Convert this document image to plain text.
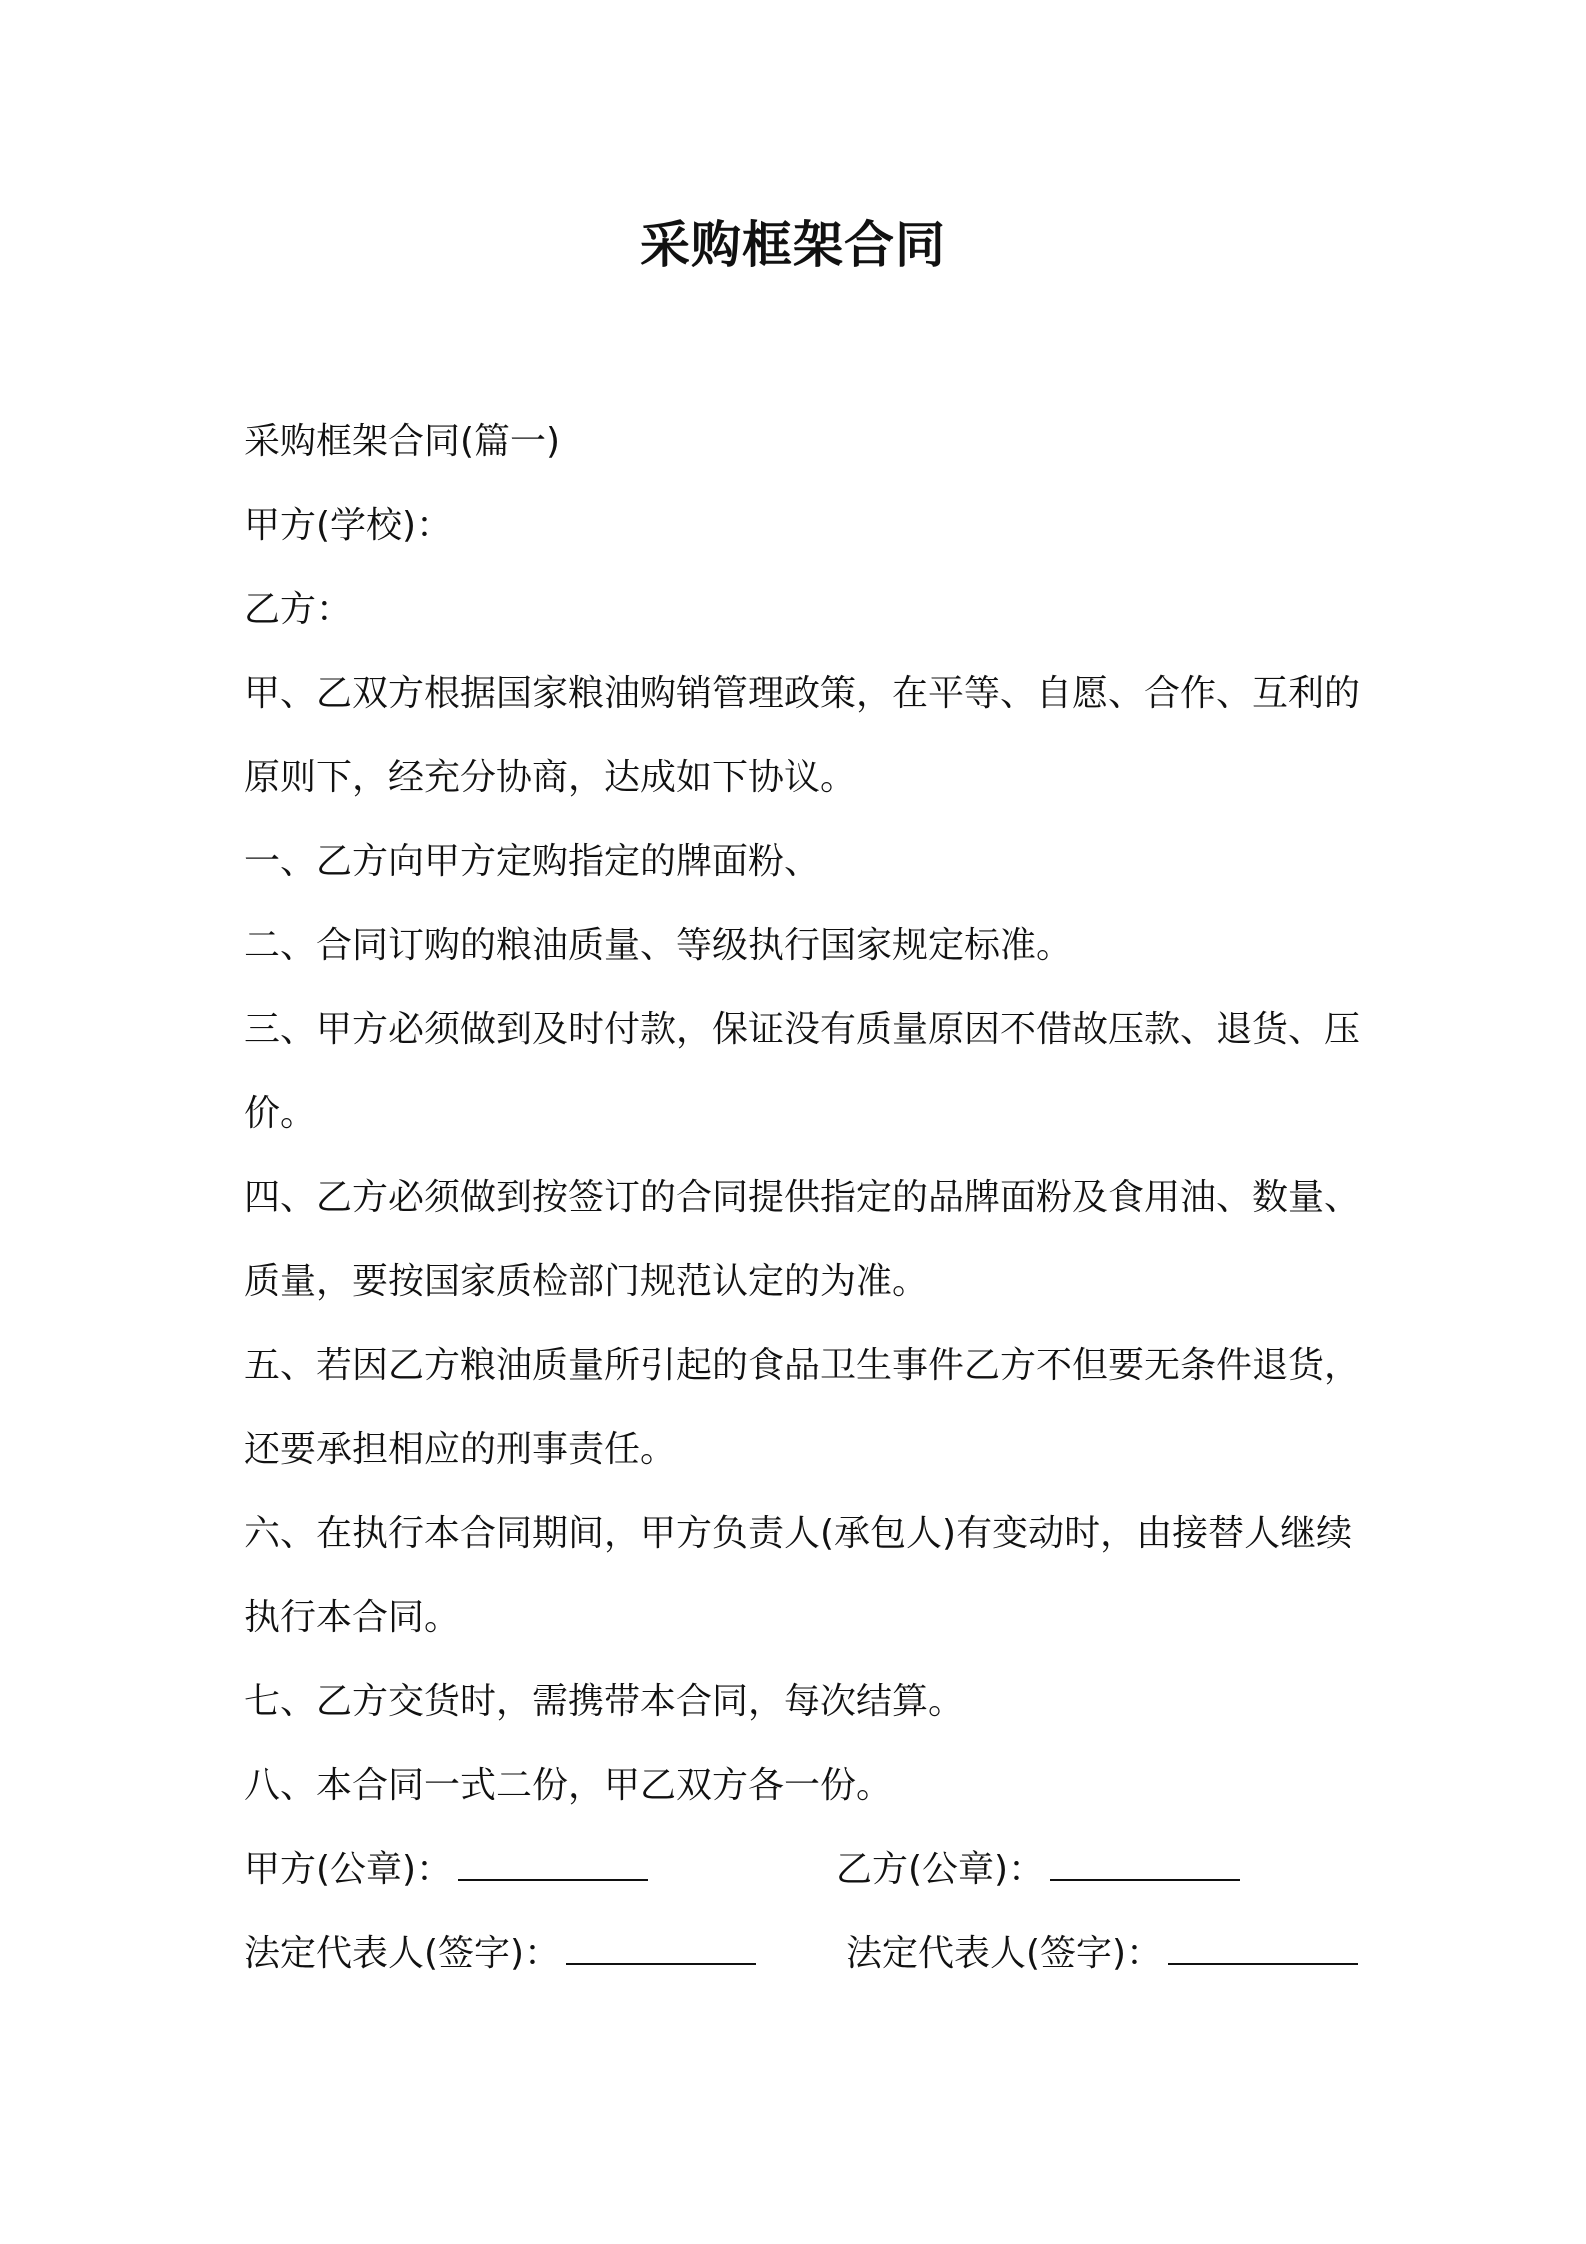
采购框架合同

采购框架合同(篇一)

甲方(学校)：

乙方：

甲、乙双方根据国家粮油购销管理政策，在平等、自愿、合作、互利的原则下，经充分协商，达成如下协议。

一、乙方向甲方定购指定的牌面粉、

二、合同订购的粮油质量、等级执行国家规定标准。

三、甲方必须做到及时付款，保证没有质量原因不借故压款、退货、压价。

四、乙方必须做到按签订的合同提供指定的品牌面粉及食用油、数量、质量，要按国家质检部门规范认定的为准。

五、若因乙方粮油质量所引起的食品卫生事件乙方不但要无条件退货，还要承担相应的刑事责任。

六、在执行本合同期间，甲方负责人(承包人)有变动时，由接替人继续执行本合同。

七、乙方交货时，需携带本合同，每次结算。

八、本合同一式二份，甲乙双方各一份。

甲方(公章)：	乙方(公章)：
法定代表人(签字)：	法定代表人(签字)：
